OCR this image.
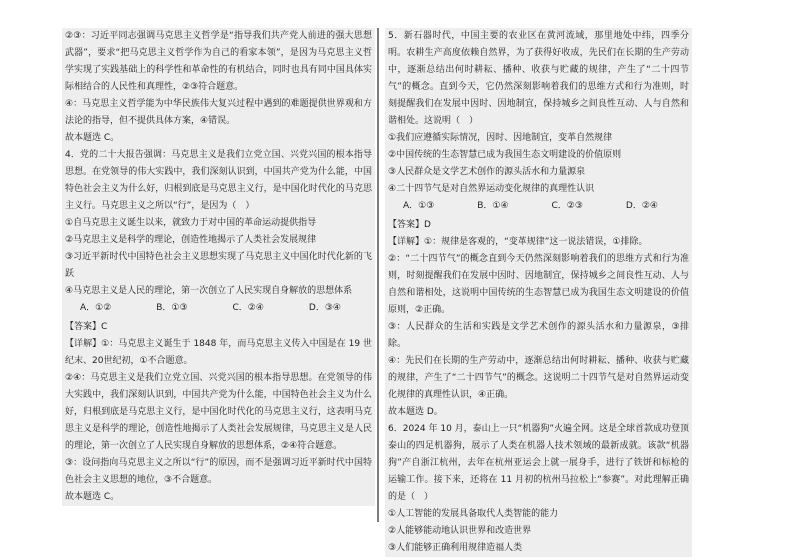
②③：习近平同志强调马克思主义哲学是“指导我们共产党人前进的强大思想武器”，要求“把马克思主义哲学作为自己的看家本领”，是因为马克思主义哲学实现了实践基础上的科学性和革命性的有机结合，同时也具有同中国具体实际相结合的人民性和真理性，②③符合题意。

④：马克思主义哲学能为中华民族伟大复兴过程中遇到的难题提供世界观和方法论的指导，但不提供具体方案，④错误。

故本题选 C。

4．党的二十大报告强调：马克思主义是我们立党立国、兴党兴国的根本指导思想。在党领导的伟大实践中，我们深刻认识到，中国共产党为什么能，中国特色社会主义为什么好，归根到底是马克思主义行，是中国化时代化的马克思主义行。马克思主义之所以“行”，是因为（　）

①自马克思主义诞生以来，就致力于对中国的革命运动提供指导

②马克思主义是科学的理论，创造性地揭示了人类社会发展规律

③习近平新时代中国特色社会主义思想实现了马克思主义中国化时代化新的飞跃

④马克思主义是人民的理论，第一次创立了人民实现自身解放的思想体系

A．①②	B．①③	C．②④	D．③④

【答案】C

【详解】①：马克思主义诞生于 1848 年，而马克思主义传入中国是在 19 世纪末、20世纪初，①不合题意。

②④：马克思主义是我们立党立国、兴党兴国的根本指导思想。在党领导的伟大实践中，我们深刻认识到，中国共产党为什么能，中国特色社会主义为什么好，归根到底是马克思主义行，是中国化时代化的马克思主义行，这表明马克思主义是科学的理论，创造性地揭示了人类社会发展规律，马克思主义是人民的理论，第一次创立了人民实现自身解放的思想体系，②④符合题意。

③：设问指向马克思主义之所以“行”的原因，而不是强调习近平新时代中国特色社会主义思想的地位，③不合题意。

故本题选 C。

5．新石器时代，中国主要的农业区在黄河流域，那里地处中纬，四季分明。农耕生产高度依赖自然界，为了获得好收成，先民们在长期的生产劳动中，逐渐总结出何时耕耘、播种、收获与贮藏的规律，产生了“二十四节气”的概念。直到今天，它仍然深刻影响着我们的思维方式和行为准则，时刻提醒我们在发展中因时、因地制宜，保持城乡之间良性互动、人与自然和谐相处。这说明（　）

①我们应遵循实际情况，因时、因地制宜，变革自然规律

②中国传统的生态智慧已成为我国生态文明建设的价值原则

③人民群众是文学艺术创作的源头活水和力量源泉

④二十四节气是对自然界运动变化规律的真理性认识

A．①③	B．①④	C．②③	D．②④

【答案】D

【详解】①：规律是客观的，“变革规律”这一说法错误，①排除。

②：“二十四节气”的概念直到今天仍然深刻影响着我们的思维方式和行为准则，时刻提醒我们在发展中因时、因地制宜，保持城乡之间良性互动、人与自然和谐相处，这说明中国传统的生态智慧已成为我国生态文明建设的价值原则，②正确。

③：人民群众的生活和实践是文学艺术创作的源头活水和力量源泉，③排除。

④：先民们在长期的生产劳动中，逐渐总结出何时耕耘、播种、收获与贮藏的规律，产生了“二十四节气”的概念。这说明二十四节气是对自然界运动变化规律的真理性认识，④正确。

故本题选 D。

6．2024 年 10 月，泰山上一只“机器狗”火遍全网。这是全球首款成功登顶泰山的四足机器狗，展示了人类在机器人技术领域的最新成就。该款“机器狗”产自浙江杭州，去年在杭州亚运会上就一展身手，进行了铁饼和标枪的运输工作。接下来，还将在 11 月初的杭州马拉松上“参赛”。对此理解正确的是（　）

①人工智能的发展具备取代人类智能的能力

②人能够能动地认识世界和改造世界

③人们能够正确利用规律造福人类
